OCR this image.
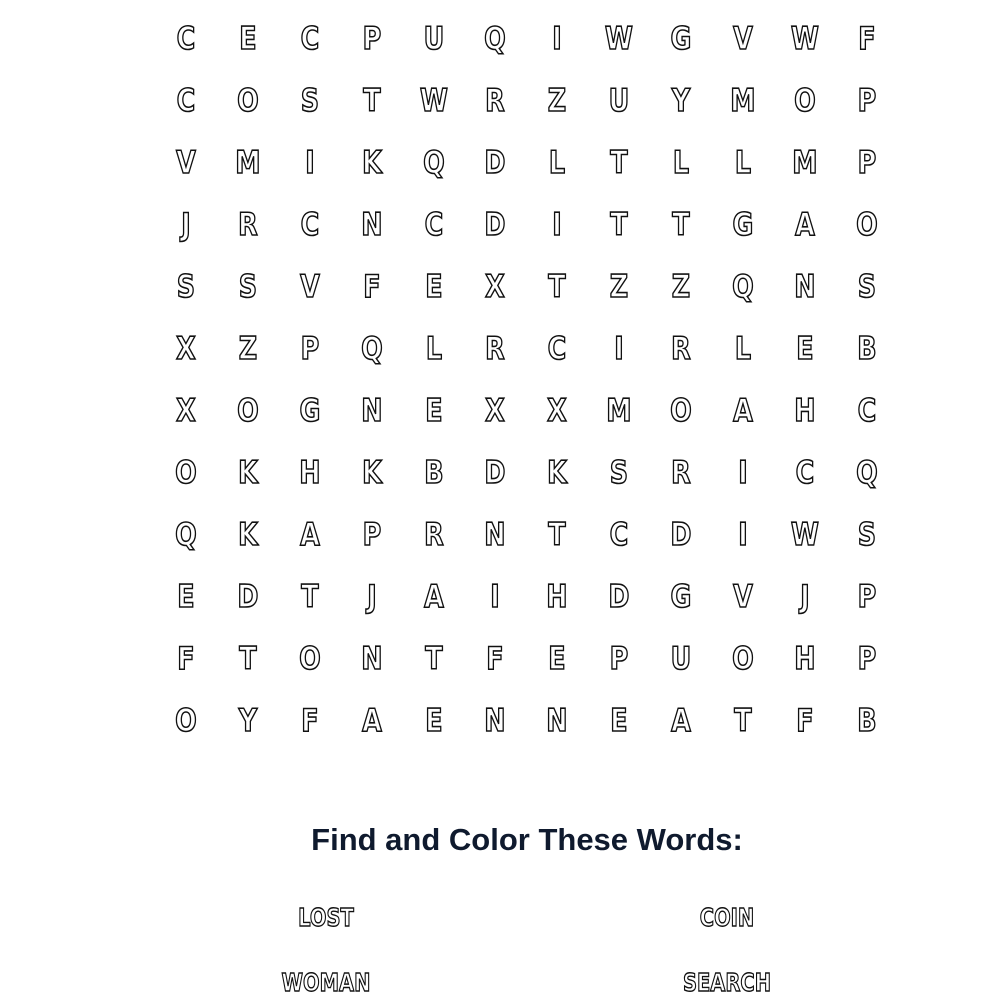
C	E	C	P	U	Q	I	W	G	V	W	F
C	O	S	T	W	R	Z	U	Y	M	O	P
V	M	I	K	Q	D	L	T	L	L	M	P
J	R	C	N	C	D	I	T	T	G	A	O
S	S	V	F	E	X	T	Z	Z	Q	N	S
X	Z	P	Q	L	R	C	I	R	L	E	B
X	O	G	N	E	X	X	M	O	A	H	C
O	K	H	K	B	D	K	S	R	I	C	Q
Q	K	A	P	R	N	T	C	D	I	W	S
E	D	T	J	A	I	H	D	G	V	J	P
F	T	O	N	T	F	E	P	U	O	H	P
O	Y	F	A	E	N	N	E	A	T	F	B
Find and Color These Words:
LOST	COIN
WOMAN	SEARCH
